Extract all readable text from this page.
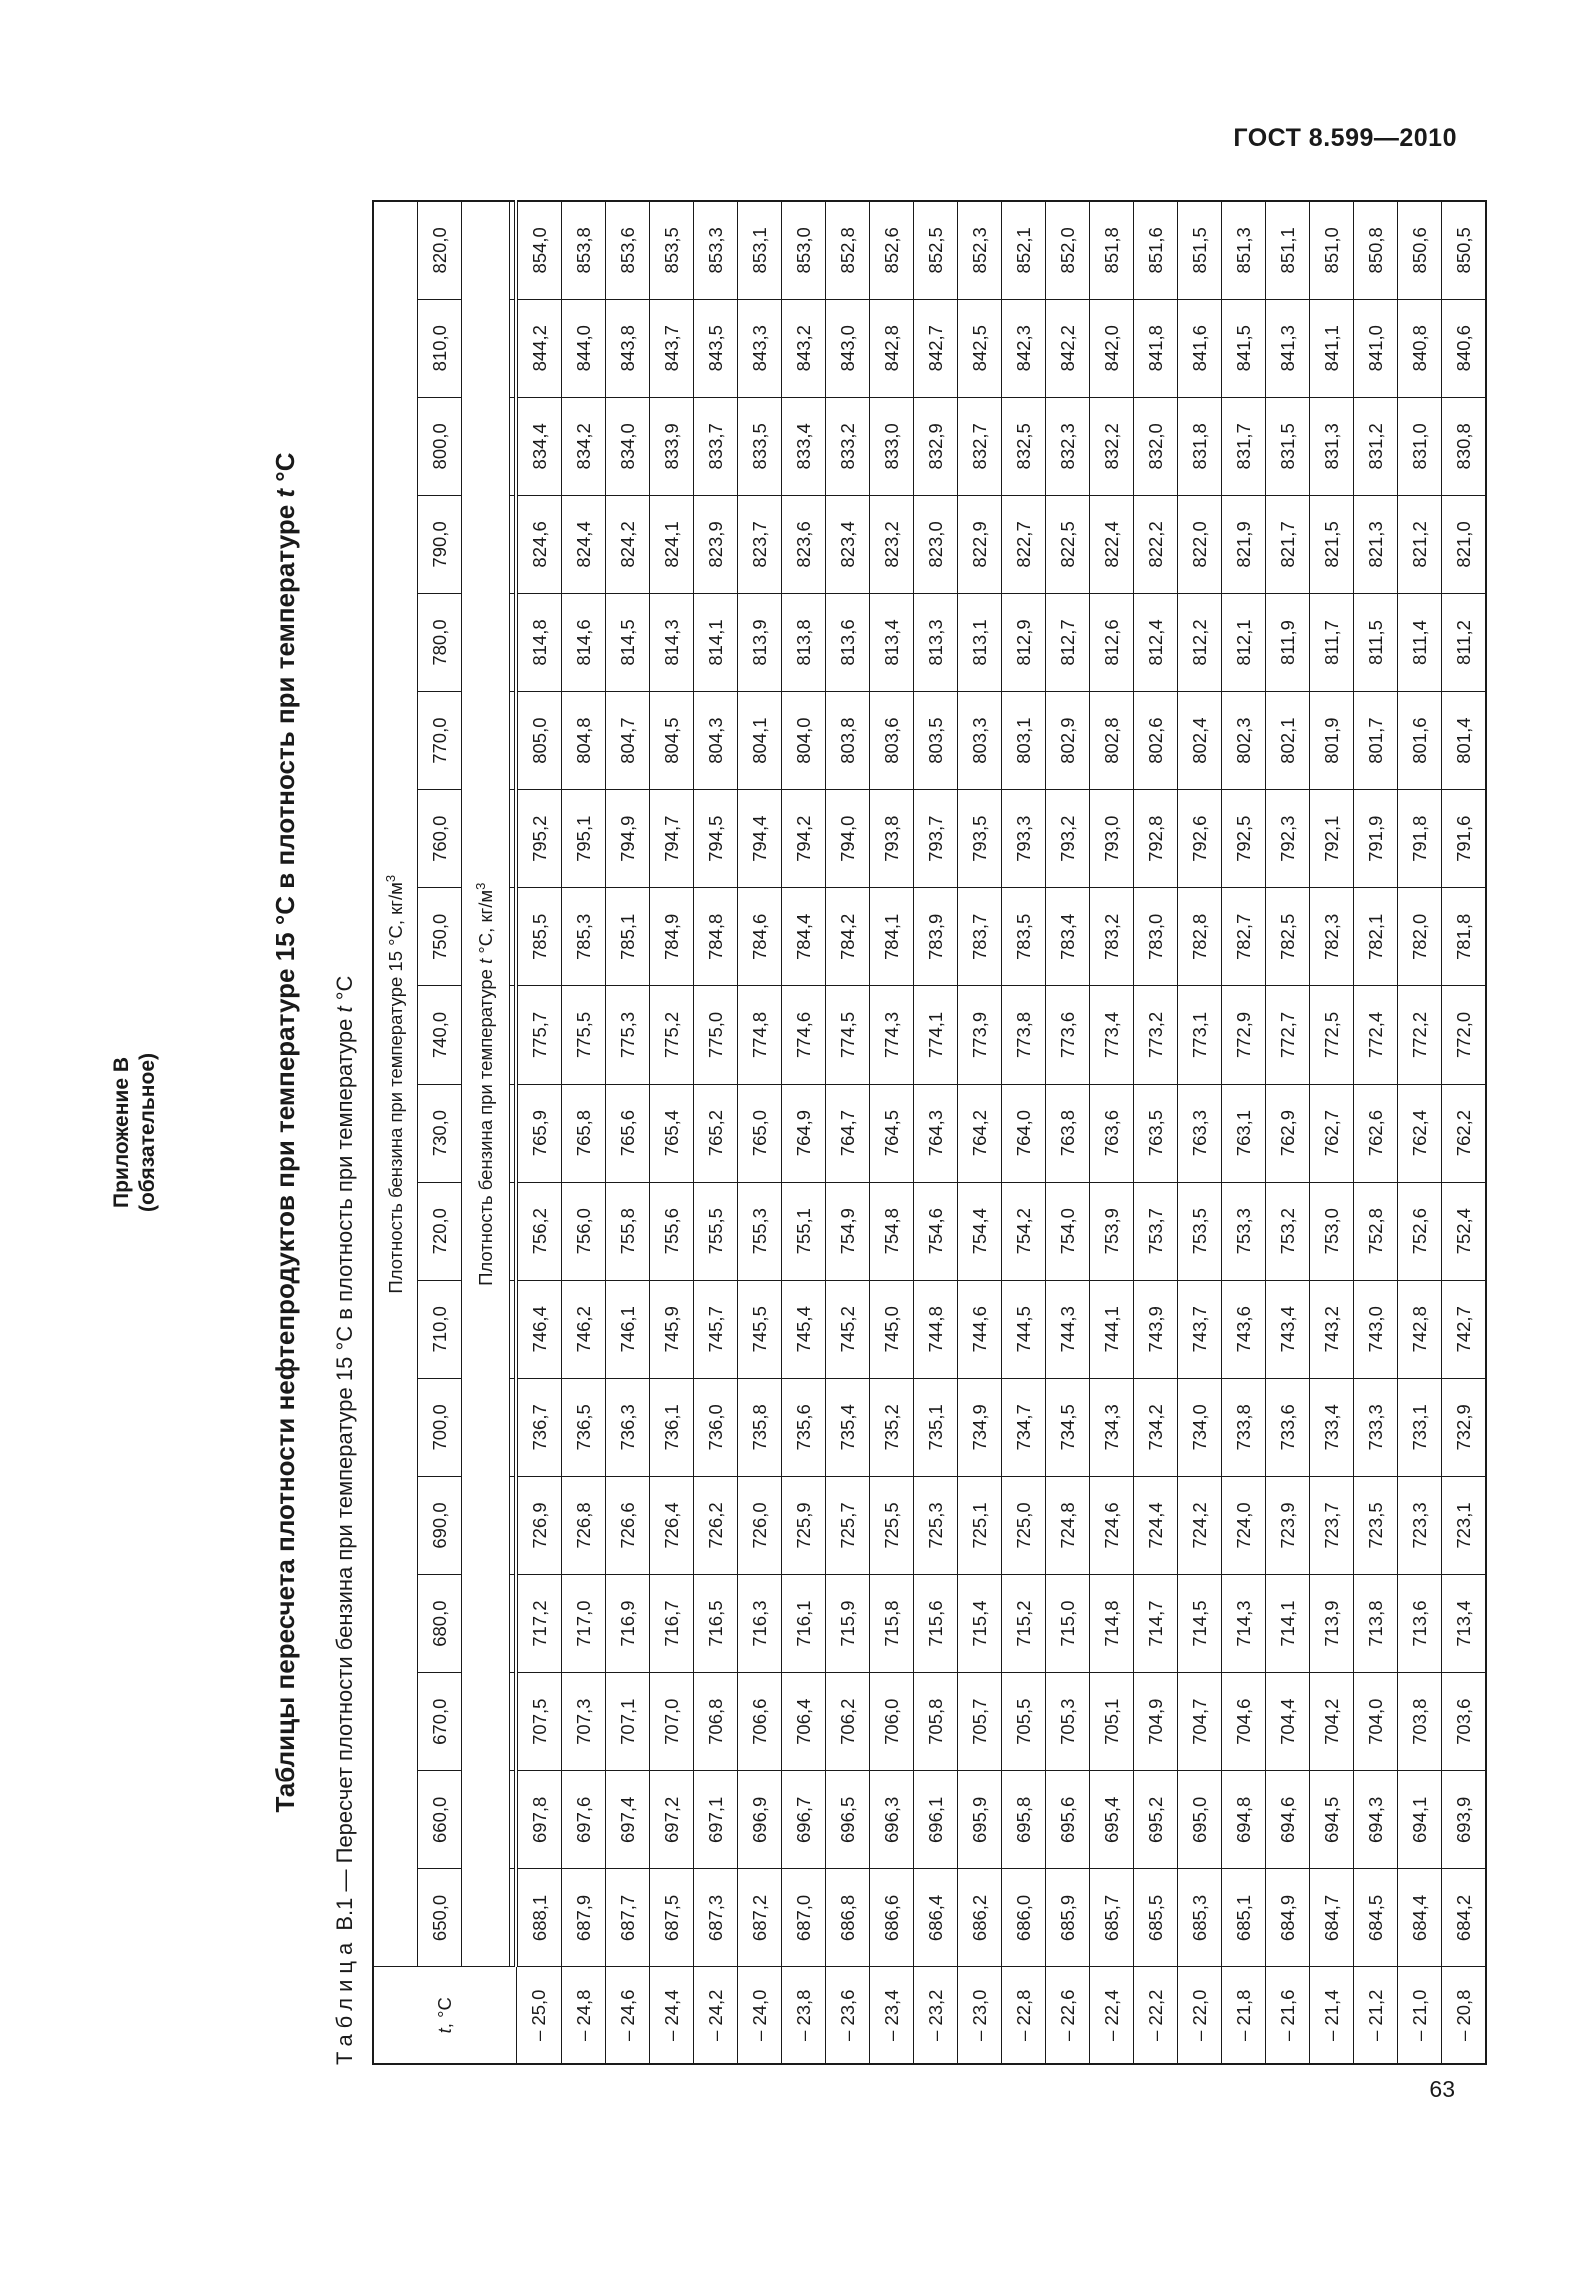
ГОСТ 8.599—2010
Приложение В (обязательное)	Таблицы пересчета плотности нефтепродуктов при температуре 15 °С в плотность при температуре t °С
Таблица В.1 — Пересчет плотности бензина при температуре 15 °С в плотность при температуре t °С
t, °С	Плотность бензина при температуре 15 °С, $кг/м^3$
	650,0	660,0	670,0	680,0	690,0	700,0	710,0	720,0	730,0	740,0	750,0	760,0	770,0	780,0	790,0	800,0	810,0	820,0
	Плотность бензина при температуре t °С, $кг/м^3$

– 25,0	688,1	697,8	707,5	717,2	726,9	736,7	746,4	756,2	765,9	775,7	785,5	795,2	805,0	814,8	824,6	834,4	844,2	854,0
– 24,8	687,9	697,6	707,3	717,0	726,8	736,5	746,2	756,0	765,8	775,5	785,3	795,1	804,8	814,6	824,4	834,2	844,0	853,8
– 24,6	687,7	697,4	707,1	716,9	726,6	736,3	746,1	755,8	765,6	775,3	785,1	794,9	804,7	814,5	824,2	834,0	843,8	853,6
– 24,4	687,5	697,2	707,0	716,7	726,4	736,1	745,9	755,6	765,4	775,2	784,9	794,7	804,5	814,3	824,1	833,9	843,7	853,5
– 24,2	687,3	697,1	706,8	716,5	726,2	736,0	745,7	755,5	765,2	775,0	784,8	794,5	804,3	814,1	823,9	833,7	843,5	853,3
– 24,0	687,2	696,9	706,6	716,3	726,0	735,8	745,5	755,3	765,0	774,8	784,6	794,4	804,1	813,9	823,7	833,5	843,3	853,1
– 23,8	687,0	696,7	706,4	716,1	725,9	735,6	745,4	755,1	764,9	774,6	784,4	794,2	804,0	813,8	823,6	833,4	843,2	853,0
– 23,6	686,8	696,5	706,2	715,9	725,7	735,4	745,2	754,9	764,7	774,5	784,2	794,0	803,8	813,6	823,4	833,2	843,0	852,8
– 23,4	686,6	696,3	706,0	715,8	725,5	735,2	745,0	754,8	764,5	774,3	784,1	793,8	803,6	813,4	823,2	833,0	842,8	852,6
– 23,2	686,4	696,1	705,8	715,6	725,3	735,1	744,8	754,6	764,3	774,1	783,9	793,7	803,5	813,3	823,0	832,9	842,7	852,5
– 23,0	686,2	695,9	705,7	715,4	725,1	734,9	744,6	754,4	764,2	773,9	783,7	793,5	803,3	813,1	822,9	832,7	842,5	852,3
– 22,8	686,0	695,8	705,5	715,2	725,0	734,7	744,5	754,2	764,0	773,8	783,5	793,3	803,1	812,9	822,7	832,5	842,3	852,1
– 22,6	685,9	695,6	705,3	715,0	724,8	734,5	744,3	754,0	763,8	773,6	783,4	793,2	802,9	812,7	822,5	832,3	842,2	852,0
– 22,4	685,7	695,4	705,1	714,8	724,6	734,3	744,1	753,9	763,6	773,4	783,2	793,0	802,8	812,6	822,4	832,2	842,0	851,8
– 22,2	685,5	695,2	704,9	714,7	724,4	734,2	743,9	753,7	763,5	773,2	783,0	792,8	802,6	812,4	822,2	832,0	841,8	851,6
– 22,0	685,3	695,0	704,7	714,5	724,2	734,0	743,7	753,5	763,3	773,1	782,8	792,6	802,4	812,2	822,0	831,8	841,6	851,5
– 21,8	685,1	694,8	704,6	714,3	724,0	733,8	743,6	753,3	763,1	772,9	782,7	792,5	802,3	812,1	821,9	831,7	841,5	851,3
– 21,6	684,9	694,6	704,4	714,1	723,9	733,6	743,4	753,2	762,9	772,7	782,5	792,3	802,1	811,9	821,7	831,5	841,3	851,1
– 21,4	684,7	694,5	704,2	713,9	723,7	733,4	743,2	753,0	762,7	772,5	782,3	792,1	801,9	811,7	821,5	831,3	841,1	851,0
– 21,2	684,5	694,3	704,0	713,8	723,5	733,3	743,0	752,8	762,6	772,4	782,1	791,9	801,7	811,5	821,3	831,2	841,0	850,8
– 21,0	684,4	694,1	703,8	713,6	723,3	733,1	742,8	752,6	762,4	772,2	782,0	791,8	801,6	811,4	821,2	831,0	840,8	850,6
– 20,8	684,2	693,9	703,6	713,4	723,1	732,9	742,7	752,4	762,2	772,0	781,8	791,6	801,4	811,2	821,0	830,8	840,6	850,5
63
